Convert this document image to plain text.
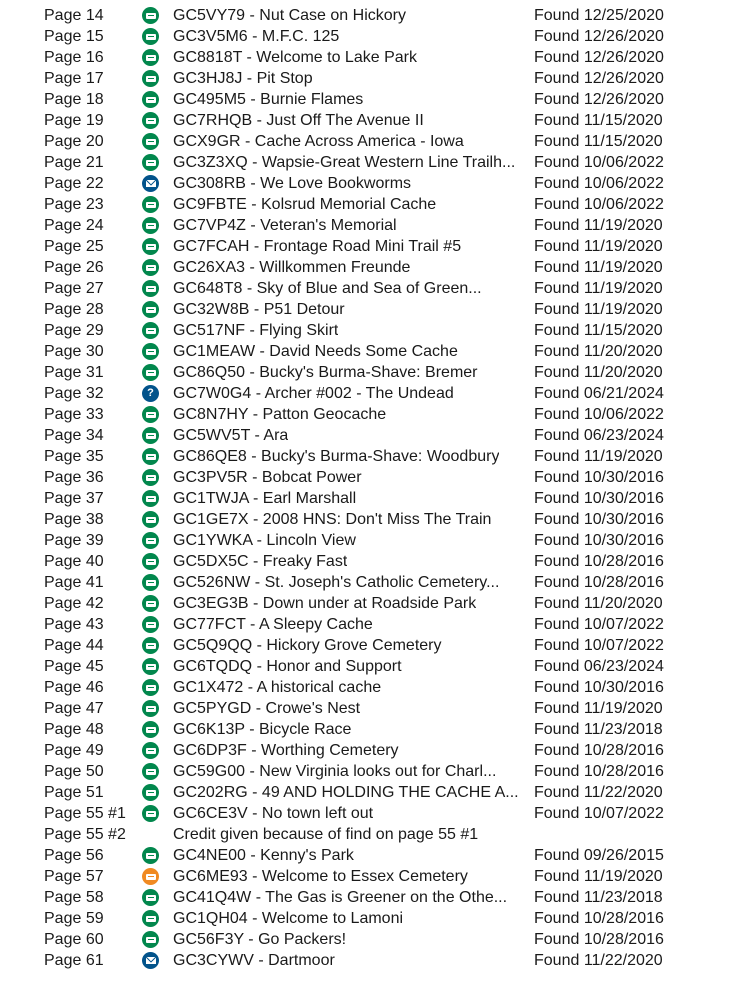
Page 14	GC5VY79 - Nut Case on Hickory	Found 12/25/2020
Page 15	GC3V5M6 - M.F.C. 125	Found 12/26/2020
Page 16	GC8818T - Welcome to Lake Park	Found 12/26/2020
Page 17	GC3HJ8J - Pit Stop	Found 12/26/2020
Page 18	GC495M5 - Burnie Flames	Found 12/26/2020
Page 19	GC7RHQB - Just Off The Avenue II	Found 11/15/2020
Page 20	GCX9GR - Cache Across America - Iowa	Found 11/15/2020
Page 21	GC3Z3XQ - Wapsie-Great Western Line Trailh... Found 10/06/2022
Page 22	GC308RB - We Love Bookworms	Found 10/06/2022
Page 23	GC9FBTE - Kolsrud Memorial Cache	Found 10/06/2022
Page 24	GC7VP4Z - Veteran's Memorial	Found 11/19/2020
Page 25	GC7FCAH - Frontage Road Mini Trail #5	Found 11/19/2020
Page 26	GC26XA3 - Willkommen Freunde	Found 11/19/2020
Page 27	GC648T8 - Sky of Blue and Sea of Green...	Found 11/19/2020
Page 28	GC32W8B - P51 Detour	Found 11/19/2020
Page 29	GC517NF - Flying Skirt	Found 11/15/2020
Page 30	GC1MEAW - David Needs Some Cache	Found 11/20/2020
Page 31	GC86Q50 - Bucky's Burma-Shave: Bremer	Found 11/20/2020
Page 32	?	GC7W0G4 - Archer #002 - The Undead	Found 06/21/2024
Page 33	GC8N7HY - Patton Geocache	Found 10/06/2022
Page 34	GC5WV5T - Ara	Found 06/23/2024
Page 35	GC86QE8 - Bucky's Burma-Shave: Woodbury Found 11/19/2020
Page 36	GC3PV5R - Bobcat Power	Found 10/30/2016
Page 37	GC1TWJA - Earl Marshall	Found 10/30/2016
Page 38	GC1GE7X - 2008 HNS: Don't Miss The Train	Found 10/30/2016
Page 39	GC1YWKA - Lincoln View	Found 10/30/2016
Page 40	GC5DX5C - Freaky Fast	Found 10/28/2016
Page 41	GC526NW - St. Joseph's Catholic Cemetery... Found 10/28/2016
Page 42	GC3EG3B - Down under at Roadside Park	Found 11/20/2020
Page 43	GC77FCT - A Sleepy Cache	Found 10/07/2022
Page 44	GC5Q9QQ - Hickory Grove Cemetery	Found 10/07/2022
Page 45	GC6TQDQ - Honor and Support	Found 06/23/2024
Page 46	GC1X472 - A historical cache	Found 10/30/2016
Page 47	GC5PYGD - Crowe's Nest	Found 11/19/2020
Page 48	GC6K13P - Bicycle Race	Found 11/23/2018
Page 49	GC6DP3F - Worthing Cemetery	Found 10/28/2016
Page 50	GC59G00 - New Virginia looks out for Charl... Found 10/28/2016
Page 51	GC202RG - 49 AND HOLDING THE CACHE A... Found 11/22/2020
Page 55 #1	GC6CE3V - No town left out	Found 10/07/2022
Page 55 #2	Credit given because of find on page 55 #1
Page 56	GC4NE00 - Kenny's Park	Found 09/26/2015
Page 57	GC6ME93 - Welcome to Essex Cemetery	Found 11/19/2020
Page 58	GC41Q4W - The Gas is Greener on the Othe... Found 11/23/2018
Page 59	GC1QH04 - Welcome to Lamoni	Found 10/28/2016
Page 60	GC56F3Y - Go Packers!	Found 10/28/2016
Page 61	GC3CYWV - Dartmoor	Found 11/22/2020
